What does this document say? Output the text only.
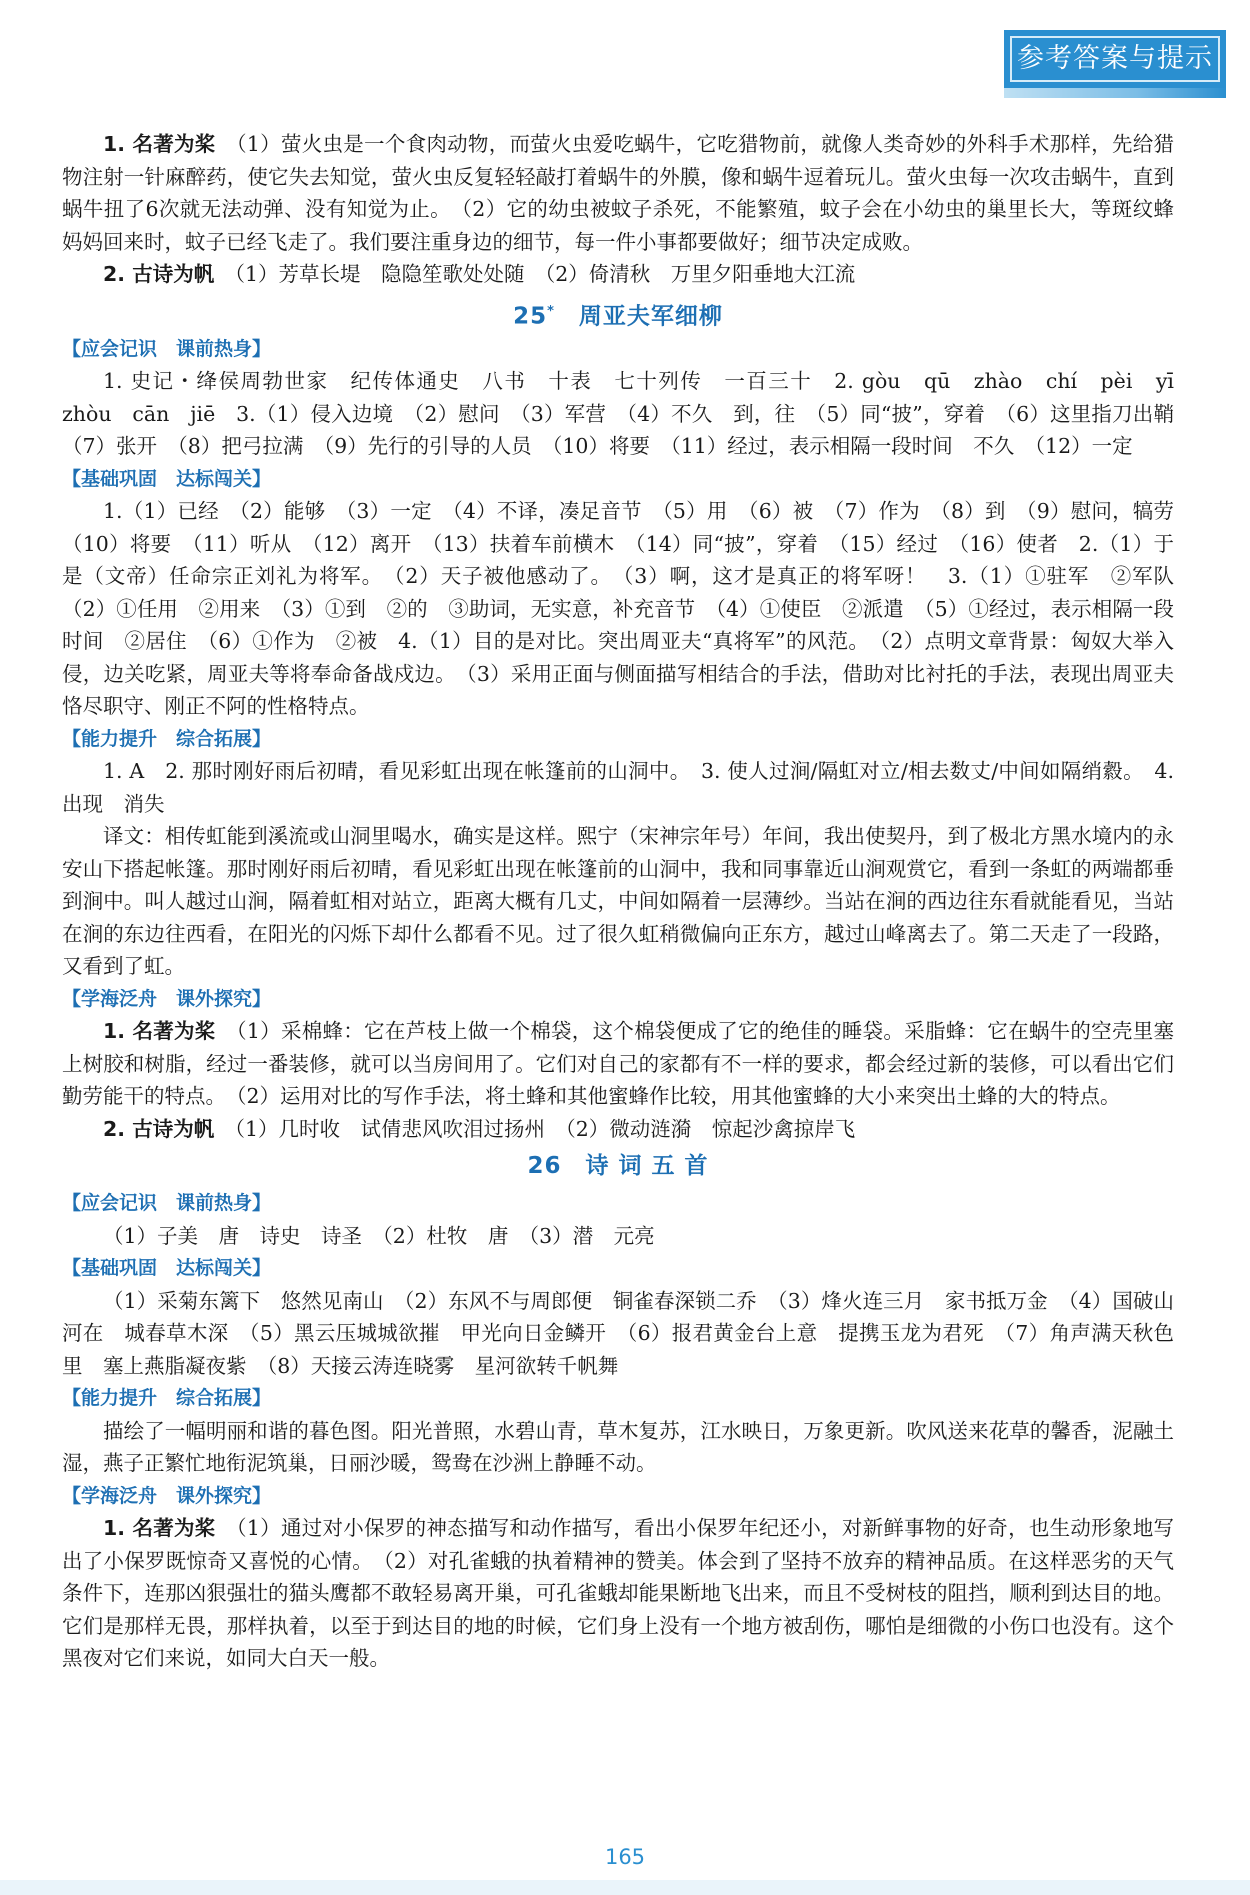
参考答案与提示

1. 名著为桨　 （1）萤火虫是一个食肉动物，而萤火虫爱吃蜗牛，它吃猎物前，就像人类奇妙的外科手术那样，先给猎物注射一针麻醉药，使它失去知觉，萤火虫反复轻轻敲打着蜗牛的外膜，像和蜗牛逗着玩儿。萤火虫每一次攻击蜗牛，直到蜗牛扭了6次就无法动弹、没有知觉为止。　（2）它的幼虫被蚊子杀死，不能繁殖，蚊子会在小幼虫的巢里长大，等斑纹蜂妈妈回来时，蚊子已经飞走了。我们要注重身边的细节，每一件小事都要做好；细节决定成败。

2. 古诗为帆　 （1）芳草长堤　隐隐笙歌处处随　（2）倚清秋　万里夕阳垂地大江流

25*　 周亚夫军细柳
【应会记识　课前热身】

1. 史记・绛侯周勃世家　纪传体通史　八书　十表　七十列传　一百三十　2. gòu　qū　zhào　chí　pèi　yī　zhòu　cān　jiē　3.（1）侵入边境　（2）慰问　（3）军营　（4）不久　到，往　（5）同“披”，穿着　（6）这里指刀出鞘　（7）张开　（8）把弓拉满　（9）先行的引导的人员　（10）将要　（11）经过，表示相隔一段时间　不久　（12）一定

【基础巩固　达标闯关】

1.（1）已经　（2）能够　（3）一定　（4）不译，凑足音节　（5）用　（6）被　（7）作为　（8）到　（9）慰问，犒劳　（10）将要　（11）听从　（12）离开　（13）扶着车前横木　（14）同“披”，穿着　（15）经过　（16）使者　2.（1）于是（文帝）任命宗正刘礼为将军。　（2）天子被他感动了。　（3）啊，这才是真正的将军呀！　3.（1）①驻军　②军队　（2）①任用　②用来　（3）①到　②的　③助词，无实意，补充音节　（4）①使臣　②派遣　（5）①经过，表示相隔一段时间　②居住　（6）①作为　②被　4.（1）目的是对比。突出周亚夫“真将军”的风范。　（2）点明文章背景：匈奴大举入侵，边关吃紧，周亚夫等将奉命备战戍边。　（3）采用正面与侧面描写相结合的手法，借助对比衬托的手法，表现出周亚夫恪尽职守、刚正不阿的性格特点。

【能力提升　综合拓展】

1. A　2. 那时刚好雨后初晴，看见彩虹出现在帐篷前的山洞中。　3. 使人过涧/隔虹对立/相去数丈/中间如隔绡縠。　4. 出现　消失

译文：相传虹能到溪流或山洞里喝水，确实是这样。熙宁（宋神宗年号）年间，我出使契丹，到了极北方黑水境内的永安山下搭起帐篷。那时刚好雨后初晴，看见彩虹出现在帐篷前的山洞中，我和同事靠近山涧观赏它，看到一条虹的两端都垂到涧中。叫人越过山涧，隔着虹相对站立，距离大概有几丈，中间如隔着一层薄纱。当站在涧的西边往东看就能看见，当站在涧的东边往西看，在阳光的闪烁下却什么都看不见。过了很久虹稍微偏向正东方，越过山峰离去了。第二天走了一段路，又看到了虹。

【学海泛舟　课外探究】

1. 名著为桨　 （1）采棉蜂：它在芦枝上做一个棉袋，这个棉袋便成了它的绝佳的睡袋。采脂蜂：它在蜗牛的空壳里塞上树胶和树脂，经过一番装修，就可以当房间用了。它们对自己的家都有不一样的要求，都会经过新的装修，可以看出它们勤劳能干的特点。　（2）运用对比的写作手法，将土蜂和其他蜜蜂作比较，用其他蜜蜂的大小来突出土蜂的大的特点。

2. 古诗为帆　 （1）几时收　试倩悲风吹泪过扬州　（2）微动涟漪　惊起沙禽掠岸飞

26　 诗 词 五 首
【应会记识　课前热身】

（1）子美　唐　诗史　诗圣　（2）杜牧　唐　（3）潜　元亮

【基础巩固　达标闯关】

（1）采菊东篱下　悠然见南山　（2）东风不与周郎便　铜雀春深锁二乔　（3）烽火连三月　家书抵万金　（4）国破山河在　城春草木深　（5）黑云压城城欲摧　甲光向日金鳞开　（6）报君黄金台上意　提携玉龙为君死　（7）角声满天秋色里　塞上燕脂凝夜紫　（8）天接云涛连晓雾　星河欲转千帆舞

【能力提升　综合拓展】

描绘了一幅明丽和谐的暮色图。阳光普照，水碧山青，草木复苏，江水映日，万象更新。吹风送来花草的馨香，泥融土湿，燕子正繁忙地衔泥筑巢，日丽沙暖，鸳鸯在沙洲上静睡不动。

【学海泛舟　课外探究】

1. 名著为桨　 （1）通过对小保罗的神态描写和动作描写，看出小保罗年纪还小，对新鲜事物的好奇，也生动形象地写出了小保罗既惊奇又喜悦的心情。　（2）对孔雀蛾的执着精神的赞美。体会到了坚持不放弃的精神品质。在这样恶劣的天气条件下，连那凶狠强壮的猫头鹰都不敢轻易离开巢，可孔雀蛾却能果断地飞出来，而且不受树枝的阻挡，顺利到达目的地。它们是那样无畏，那样执着，以至于到达目的地的时候，它们身上没有一个地方被刮伤，哪怕是细微的小伤口也没有。这个黑夜对它们来说，如同大白天一般。

165
